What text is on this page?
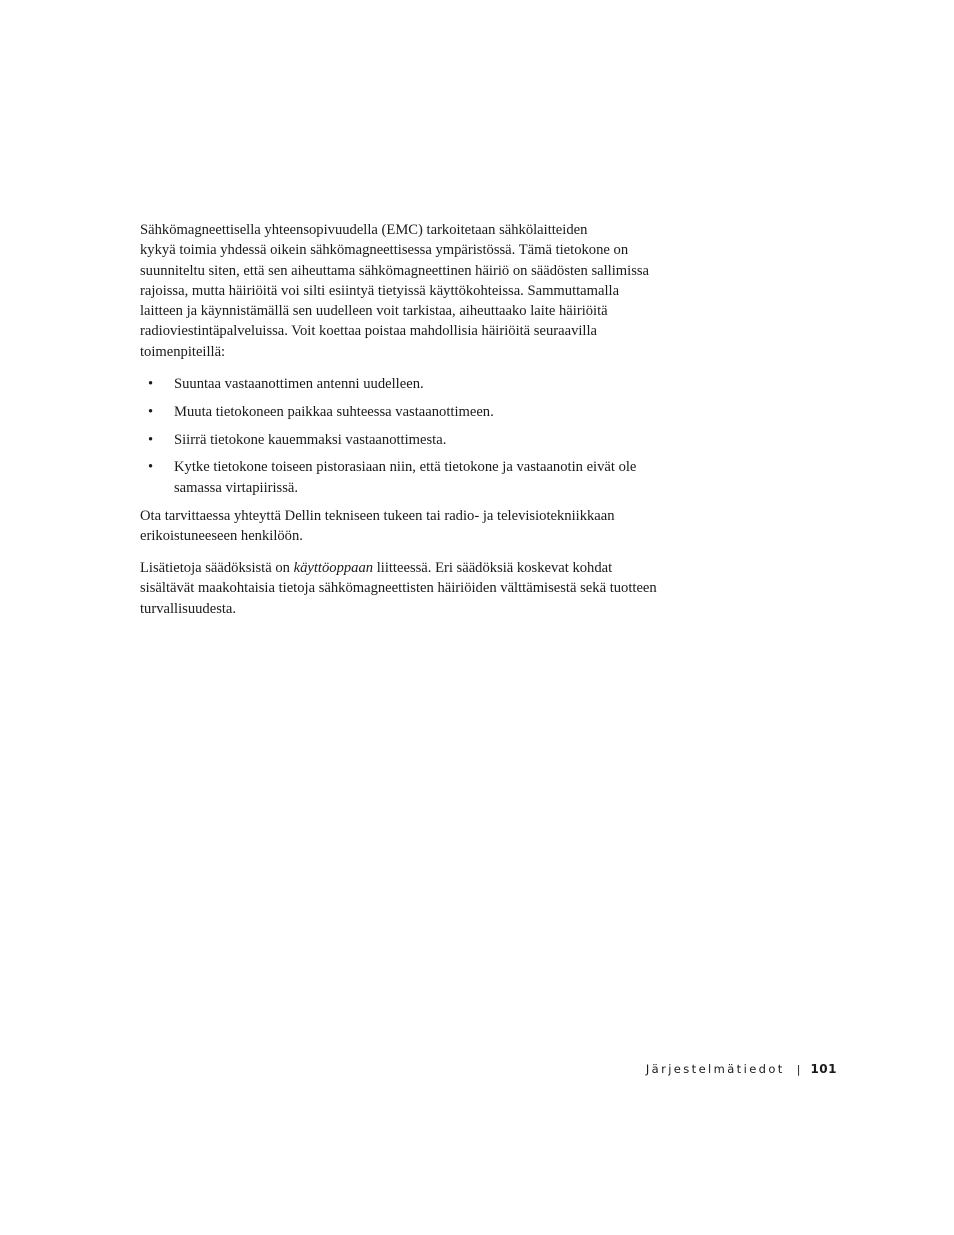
Sähkömagneettisella yhteensopivuudella (EMC) tarkoitetaan sähkölaitteiden
kykyä toimia yhdessä oikein sähkömagneettisessa ympäristössä. Tämä tietokone on
suunniteltu siten, että sen aiheuttama sähkömagneettinen häiriö on säädösten sallimissa
rajoissa, mutta häiriöitä voi silti esiintyä tietyissä käyttökohteissa. Sammuttamalla
laitteen ja käynnistämällä sen uudelleen voit tarkistaa, aiheuttaako laite häiriöitä
radioviestintäpalveluissa. Voit koettaa poistaa mahdollisia häiriöitä seuraavilla
toimenpiteillä:

• Suuntaa vastaanottimen antenni uudelleen.
• Muuta tietokoneen paikkaa suhteessa vastaanottimeen.
• Siirrä tietokone kauemmaksi vastaanottimesta.
• Kytke tietokone toiseen pistorasiaan niin, että tietokone ja vastaanotin eivät ole samassa virtapiirissä.

Ota tarvittaessa yhteyttä Dellin tekniseen tukeen tai radio- ja televisiotekniikkaan erikoistuneeseen henkilöön.

Lisätietoja säädöksistä on käyttöoppaan liitteessä. Eri säädöksiä koskevat kohdat sisältävät maakohtaisia tietoja sähkömagneettisten häiriöiden välttämisestä sekä tuotteen turvallisuudesta.

Järjestelmätiedot | 101
